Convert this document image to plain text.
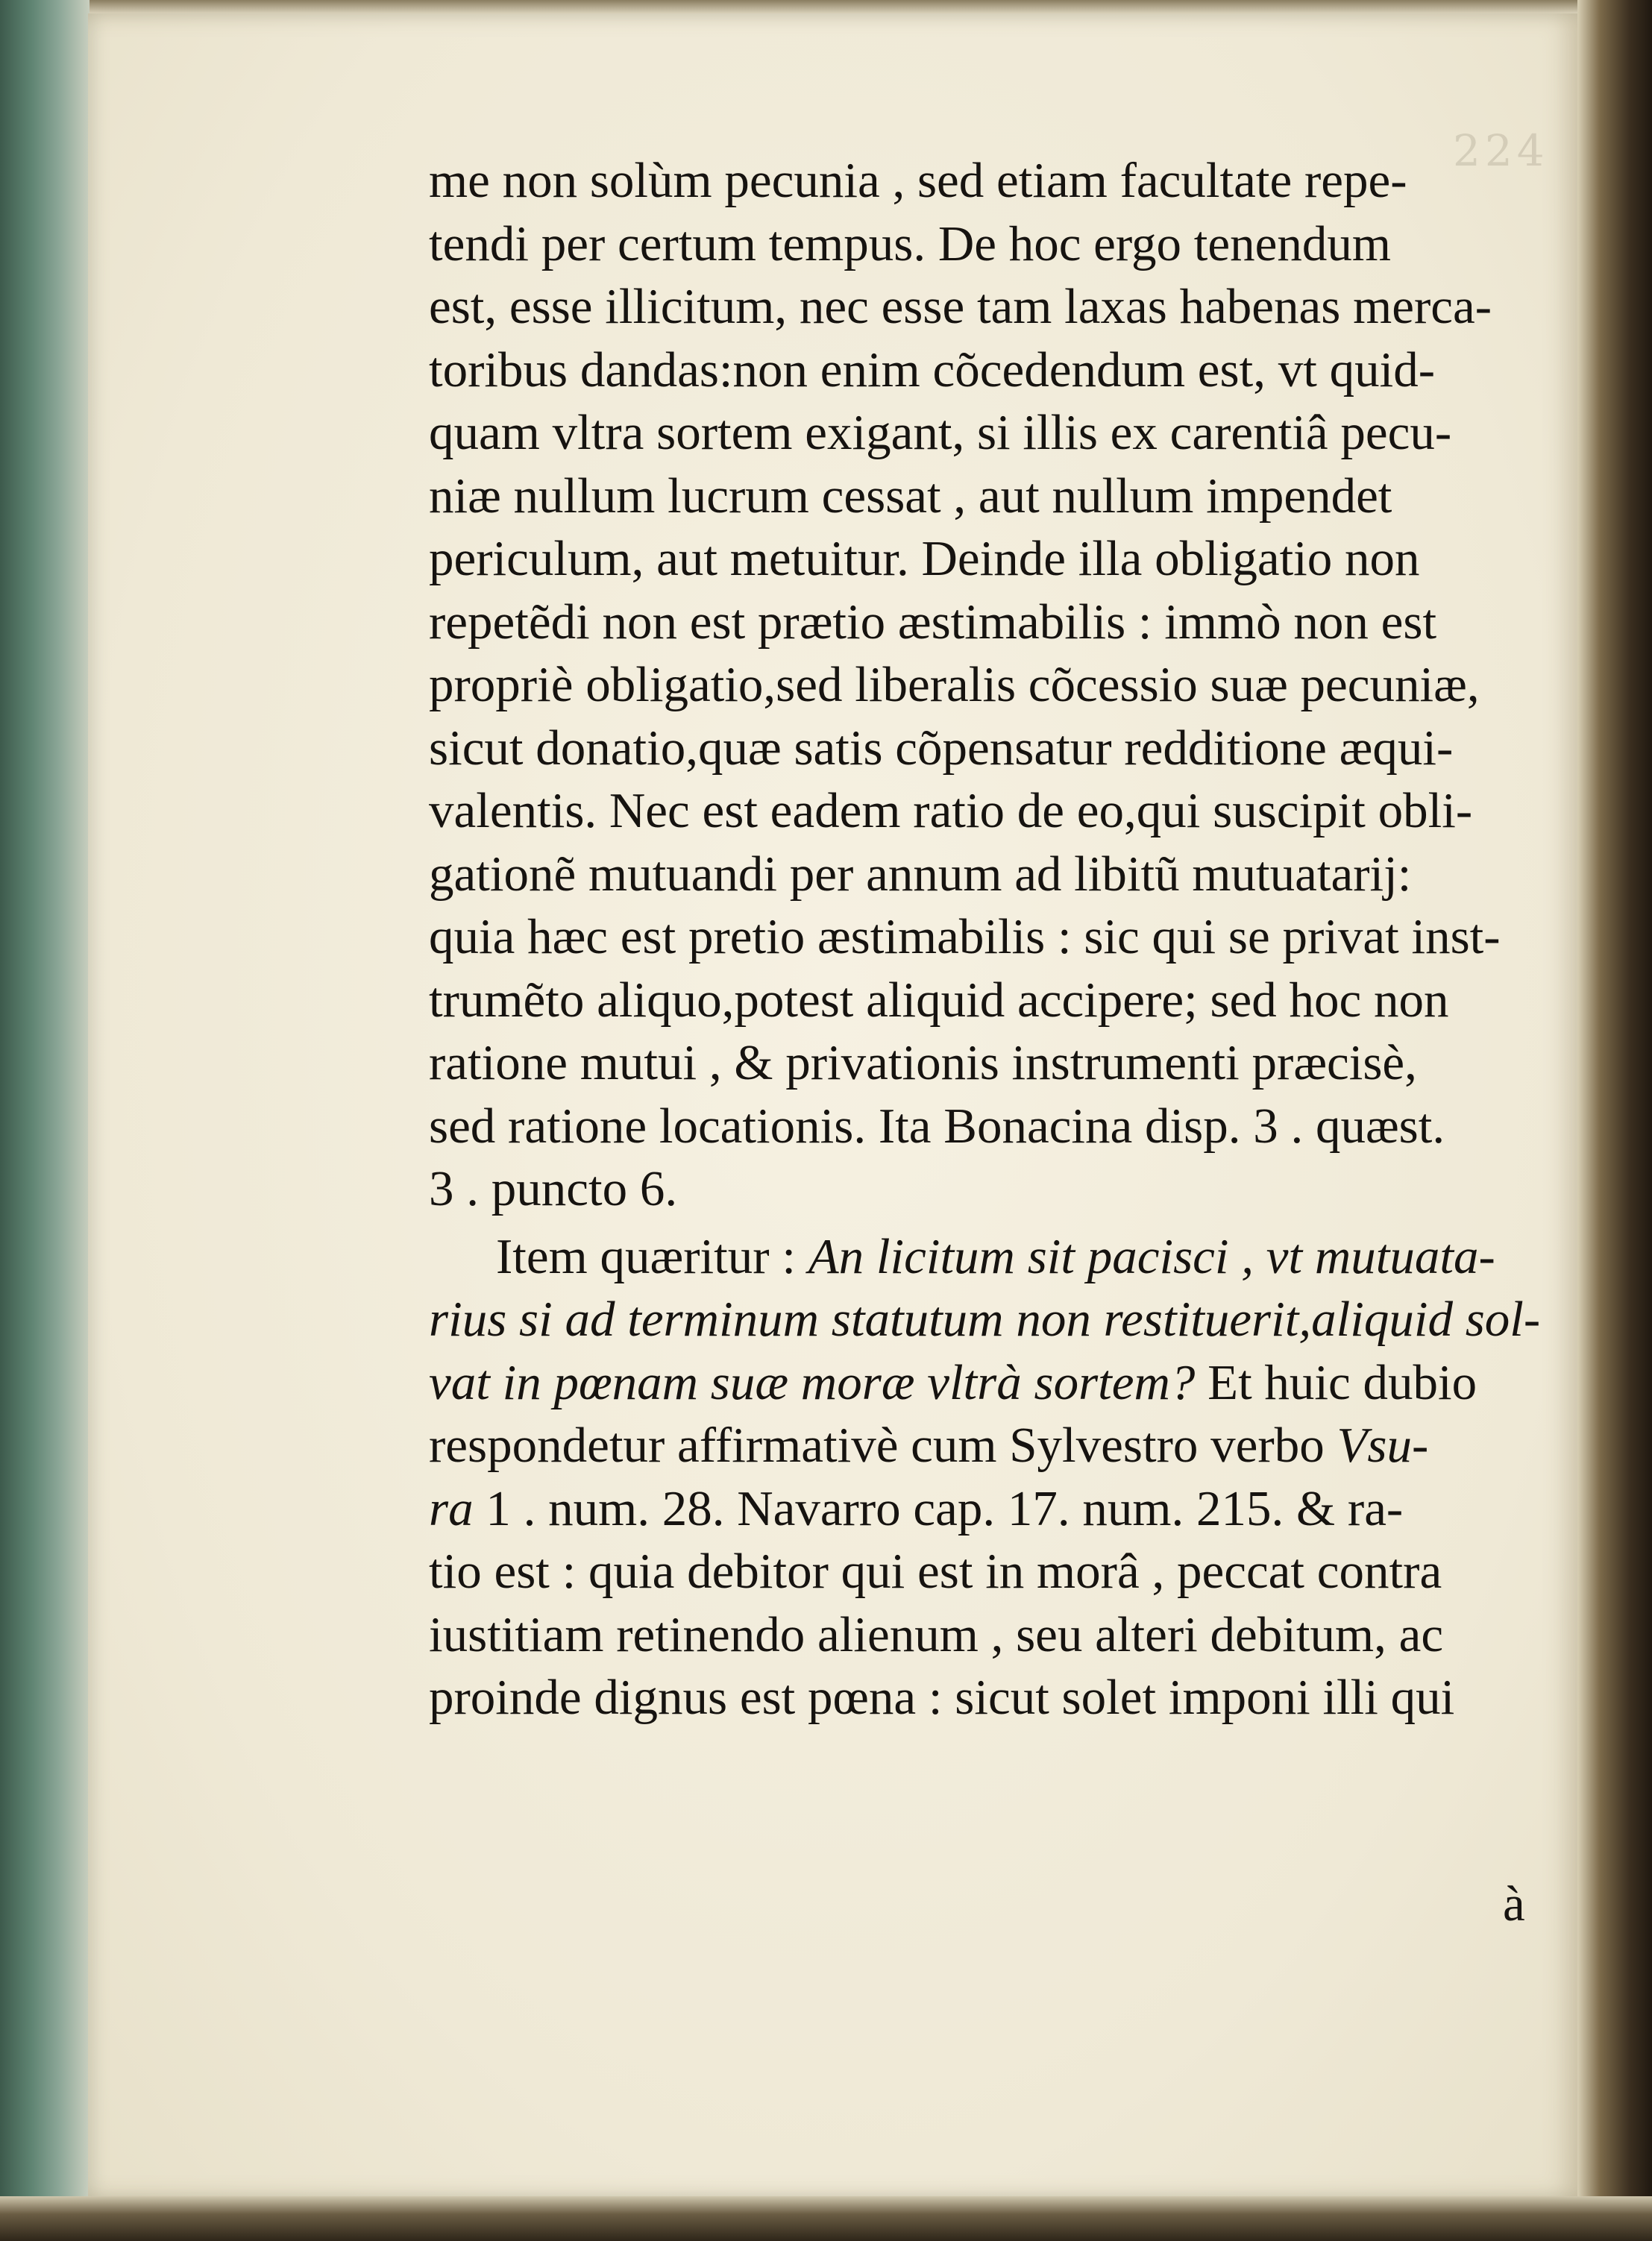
224
me non solùm pecunia , sed etiam facultate repe-
tendi per certum tempus. De hoc ergo tenendum
est, esse illicitum, nec esse tam laxas habenas merca-
toribus dandas:non enim cõcedendum est, vt quid-
quam vltra sortem exigant, si illis ex carentiâ pecu-
niæ nullum lucrum cessat , aut nullum impendet
periculum, aut metuitur. Deinde illa obligatio non
repetẽdi non est prætio æstimabilis : immò non est
propriè obligatio,sed liberalis cõcessio suæ pecuniæ,
sicut donatio,quæ satis cõpensatur redditione æqui-
valentis. Nec est eadem ratio de eo,qui suscipit obli-
gationẽ mutuandi per annum ad libitũ mutuatarij:
quia hæc est pretio æstimabilis : sic qui se privat inst-
trumẽto aliquo,potest aliquid accipere; sed hoc non
ratione mutui , & privationis instrumenti præcisè,
sed ratione locationis. Ita Bonacina disp. 3 . quæst.
3 . puncto 6.
Item quæritur : An licitum sit pacisci , vt mutuata-
rius si ad terminum statutum non restituerit,aliquid sol-
vat in pœnam suæ moræ vltrà sortem? Et huic dubio
respondetur affirmativè cum Sylvestro verbo Vsu-
ra 1 . num. 28. Navarro cap. 17. num. 215. & ra-
tio est : quia debitor qui est in morâ , peccat contra
iustitiam retinendo alienum , seu alteri debitum, ac
proinde dignus est pœna : sicut solet imponi illi qui
à
